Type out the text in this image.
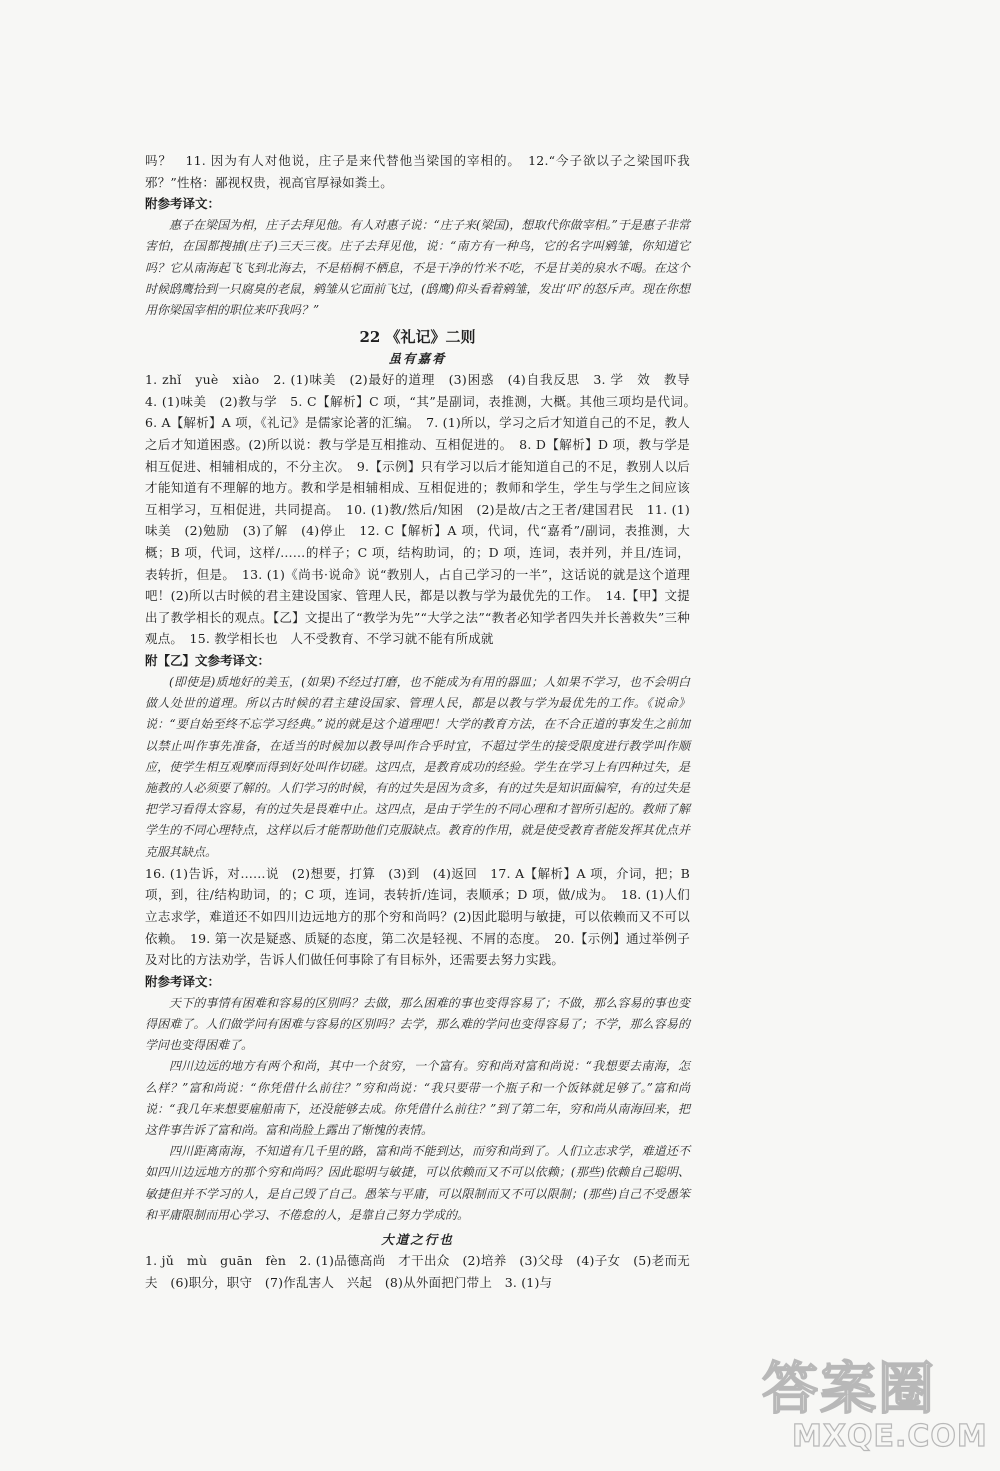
吗？　11. 因为有人对他说，庄子是来代替他当梁国的宰相的。　12.“今子欲以子之梁国吓我邪？”性格：鄙视权贵，视高官厚禄如粪土。

附参考译文：

惠子在梁国为相，庄子去拜见他。有人对惠子说：“庄子来(梁国)，想取代你做宰相。”于是惠子非常害怕，在国都搜捕(庄子)三天三夜。庄子去拜见他，说：“南方有一种鸟，它的名字叫鹓雏，你知道它吗？它从南海起飞飞到北海去，不是梧桐不栖息，不是干净的竹米不吃，不是甘美的泉水不喝。在这个时候鸱鹰拾到一只腐臭的老鼠，鹓雏从它面前飞过，(鸱鹰)仰头看着鹓雏，发出‘吓’的怒斥声。现在你想用你梁国宰相的职位来吓我吗？”

22 《礼记》二则
虽有嘉肴

1. zhǐ　yuè　xiào　2. (1)味美　(2)最好的道理　(3)困惑　(4)自我反思　3. 学　效　教导　4. (1)味美　(2)教与学　5. C【解析】C 项，“其”是副词，表推测，大概。其他三项均是代词。　6. A【解析】A 项，《礼记》是儒家论著的汇编。　7. (1)所以，学习之后才知道自己的不足，教人之后才知道困惑。(2)所以说：教与学是互相推动、互相促进的。　8. D【解析】D 项，教与学是相互促进、相辅相成的，不分主次。　9.【示例】只有学习以后才能知道自己的不足，教别人以后才能知道有不理解的地方。教和学是相辅相成、互相促进的；教师和学生，学生与学生之间应该互相学习，互相促进，共同提高。　10. (1)教/然后/知困　(2)是故/古之王者/建国君民　11. (1)味美　(2)勉励　(3)了解　(4)停止　12. C【解析】A 项，代词，代“嘉肴”/副词，表推测，大概；B 项，代词，这样/……的样子；C 项，结构助词，的；D 项，连词，表并列，并且/连词，表转折，但是。　13. (1)《尚书·说命》说“教别人，占自己学习的一半”，这话说的就是这个道理吧！(2)所以古时候的君主建设国家、管理人民，都是以教与学为最优先的工作。　14.【甲】文提出了教学相长的观点。【乙】文提出了“教学为先”“大学之法”“教者必知学者四失并长善救失”三种观点。　15. 教学相长也　人不受教育、不学习就不能有所成就

附【乙】文参考译文：

(即使是)质地好的美玉，(如果)不经过打磨，也不能成为有用的器皿；人如果不学习，也不会明白做人处世的道理。所以古时候的君主建设国家、管理人民，都是以教与学为最优先的工作。《说命》说：“要自始至终不忘学习经典。”说的就是这个道理吧！大学的教育方法，在不合正道的事发生之前加以禁止叫作事先准备，在适当的时候加以教导叫作合乎时宜，不超过学生的接受限度进行教学叫作顺应，使学生相互观摩而得到好处叫作切磋。这四点，是教育成功的经验。学生在学习上有四种过失，是施教的人必须要了解的。人们学习的时候，有的过失是因为贪多，有的过失是知识面偏窄，有的过失是把学习看得太容易，有的过失是畏难中止。这四点，是由于学生的不同心理和才智所引起的。教师了解学生的不同心理特点，这样以后才能帮助他们克服缺点。教育的作用，就是使受教育者能发挥其优点并克服其缺点。

16. (1)告诉，对……说　(2)想要，打算　(3)到　(4)返回　17. A【解析】A 项，介词，把；B 项，到，往/结构助词，的；C 项，连词，表转折/连词，表顺承；D 项，做/成为。　18. (1)人们立志求学，难道还不如四川边远地方的那个穷和尚吗？(2)因此聪明与敏捷，可以依赖而又不可以依赖。　19. 第一次是疑惑、质疑的态度，第二次是轻视、不屑的态度。　20.【示例】通过举例子及对比的方法劝学，告诉人们做任何事除了有目标外，还需要去努力实践。

附参考译文：

天下的事情有困难和容易的区别吗？去做，那么困难的事也变得容易了；不做，那么容易的事也变得困难了。人们做学问有困难与容易的区别吗？去学，那么难的学问也变得容易了；不学，那么容易的学问也变得困难了。

四川边远的地方有两个和尚，其中一个贫穷，一个富有。穷和尚对富和尚说：“我想要去南海，怎么样？”富和尚说：“你凭借什么前往？”穷和尚说：“我只要带一个瓶子和一个饭钵就足够了。”富和尚说：“我几年来想要雇船南下，还没能够去成。你凭借什么前往？”到了第二年，穷和尚从南海回来，把这件事告诉了富和尚。富和尚脸上露出了惭愧的表情。

四川距离南海，不知道有几千里的路，富和尚不能到达，而穷和尚到了。人们立志求学，难道还不如四川边远地方的那个穷和尚吗？因此聪明与敏捷，可以依赖而又不可以依赖；(那些)依赖自己聪明、敏捷但并不学习的人，是自己毁了自己。愚笨与平庸，可以限制而又不可以限制；(那些)自己不受愚笨和平庸限制而用心学习、不倦怠的人，是靠自己努力学成的。

大道之行也

1. jǔ　mù　guān　fèn　2. (1)品德高尚　才干出众　(2)培养　(3)父母　(4)子女　(5)老而无夫　(6)职分，职守　(7)作乱害人　兴起　(8)从外面把门带上　3. (1)与

答案圈
MXQE.COM
